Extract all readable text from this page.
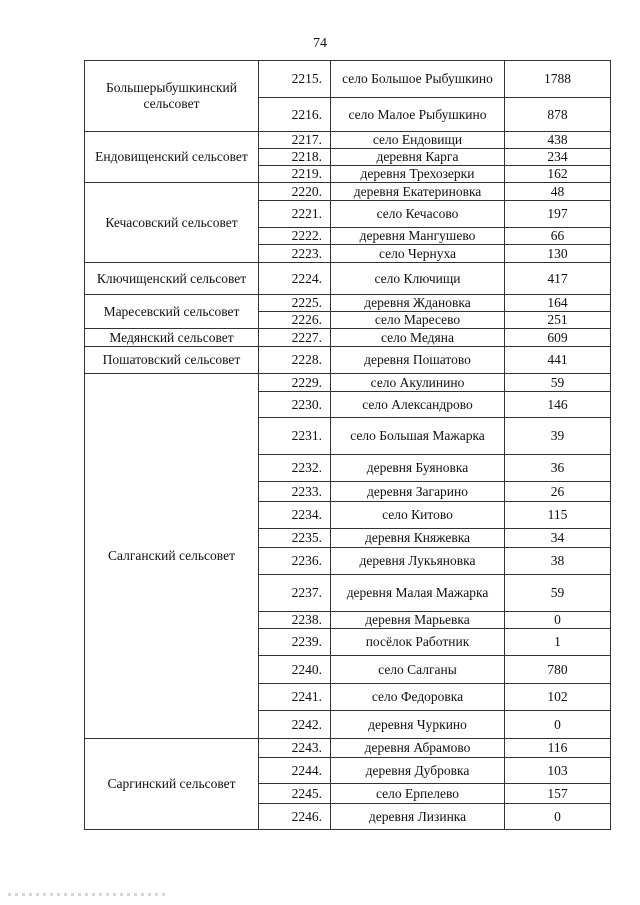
74
Большерыбушкинский сельсовет	2215.	село Большое Рыбушкино	1788
	2216.	село Малое Рыбушкино	878
Ендовищенский сельсовет	2217.	село Ендовищи	438
	2218.	деревня Карга	234
	2219.	деревня Трехозерки	162
Кечасовский сельсовет	2220.	деревня Екатериновка	48
	2221.	село Кечасово	197
	2222.	деревня Мангушево	66
	2223.	село Чернуха	130
Ключищенский сельсовет	2224.	село Ключищи	417
Маресевский сельсовет	2225.	деревня Ждановка	164
	2226.	село Маресево	251
Медянский сельсовет	2227.	село Медяна	609
Пошатовский сельсовет	2228.	деревня Пошатово	441
Салганский сельсовет	2229.	село Акулинино	59
	2230.	село Александрово	146
	2231.	село Большая Мажарка	39
	2232.	деревня Буяновка	36
	2233.	деревня Загарино	26
	2234.	село Китово	115
	2235.	деревня Княжевка	34
	2236.	деревня Лукьяновка	38
	2237.	деревня Малая Мажарка	59
	2238.	деревня Марьевка	0
	2239.	посёлок Работник	1
	2240.	село Салганы	780
	2241.	село Федоровка	102
	2242.	деревня Чуркино	0
Саргинский сельсовет	2243.	деревня Абрамово	116
	2244.	деревня Дубровка	103
	2245.	село Ерпелево	157
	2246.	деревня Лизинка	0
